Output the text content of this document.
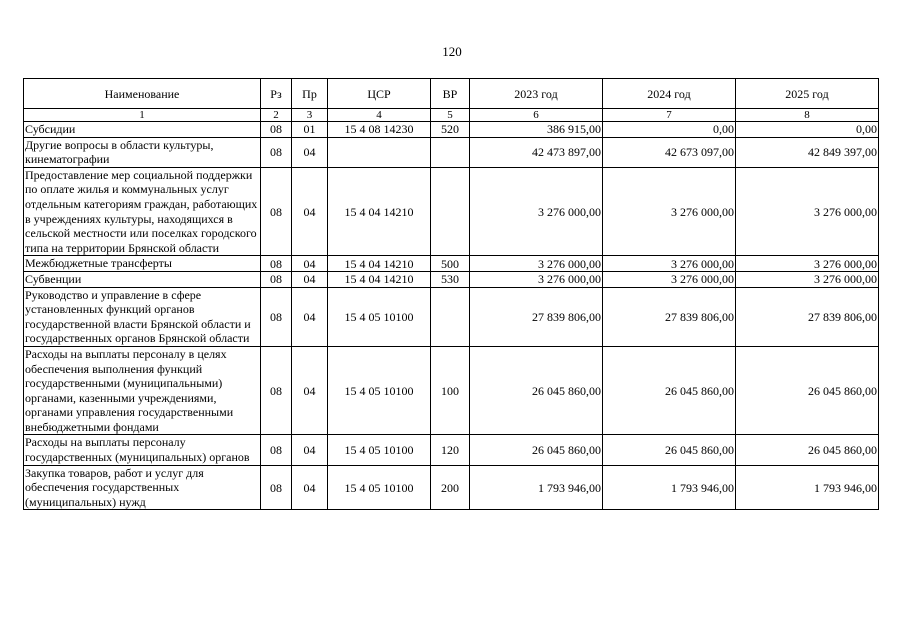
120
Наименование	Рз	Пр	ЦСР	ВР	2023 год	2024 год	2025 год
1	2	3	4	5	6	7	8
Субсидии	08	01	15 4 08 14230	520	386 915,00	0,00	0,00
Другие вопросы в области культуры, кинематографии	08	04			42 473 897,00	42 673 097,00	42 849 397,00
Предоставление мер социальной поддержки по оплате жилья и коммунальных услуг отдельным категориям граждан, работающих в учреждениях культуры, находящихся в сельской местности или поселках городского типа на территории Брянской области	08	04	15 4 04 14210		3 276 000,00	3 276 000,00	3 276 000,00
Межбюджетные трансферты	08	04	15 4 04 14210	500	3 276 000,00	3 276 000,00	3 276 000,00
Субвенции	08	04	15 4 04 14210	530	3 276 000,00	3 276 000,00	3 276 000,00
Руководство и управление в сфере установленных функций органов государственной власти Брянской области и государственных органов Брянской области	08	04	15 4 05 10100		27 839 806,00	27 839 806,00	27 839 806,00
Расходы на выплаты персоналу в целях обеспечения выполнения функций государственными (муниципальными) органами, казенными учреждениями, органами управления государственными внебюджетными фондами	08	04	15 4 05 10100	100	26 045 860,00	26 045 860,00	26 045 860,00
Расходы на выплаты персоналу государственных (муниципальных) органов	08	04	15 4 05 10100	120	26 045 860,00	26 045 860,00	26 045 860,00
Закупка товаров, работ и услуг для обеспечения государственных (муниципальных) нужд	08	04	15 4 05 10100	200	1 793 946,00	1 793 946,00	1 793 946,00
